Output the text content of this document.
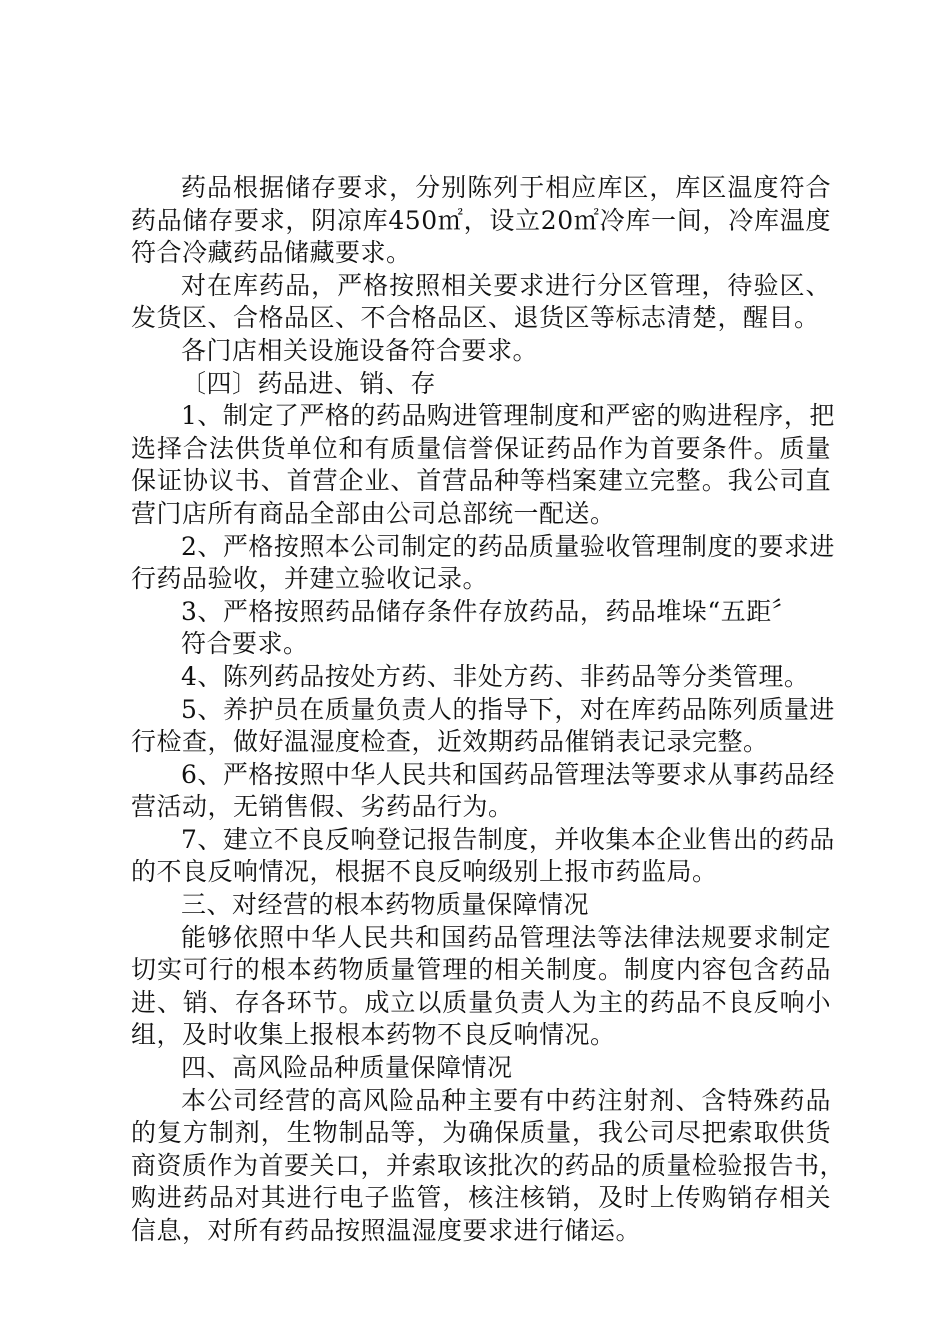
药品根据储存要求，分别陈列于相应库区，库区温度符合
药品储存要求，阴凉库450㎡，设立20㎡冷库一间，冷库温度
符合冷藏药品储藏要求。
对在库药品，严格按照相关要求进行分区管理，待验区、
发货区、合格品区、不合格品区、退货区等标志清楚，醒目。
各门店相关设施设备符合要求。
〔四〕药品进、销、存
1、制定了严格的药品购进管理制度和严密的购进程序，把
选择合法供货单位和有质量信誉保证药品作为首要条件。质量
保证协议书、首营企业、首营品种等档案建立完整。我公司直
营门店所有商品全部由公司总部统一配送。
2、严格按照本公司制定的药品质量验收管理制度的要求进
行药品验收，并建立验收记录。
3、严格按照药品储存条件存放药品，药品堆垛“五距〞
符合要求。
4、陈列药品按处方药、非处方药、非药品等分类管理。
5、养护员在质量负责人的指导下，对在库药品陈列质量进
行检查，做好温湿度检查，近效期药品催销表记录完整。
6、严格按照中华人民共和国药品管理法等要求从事药品经
营活动，无销售假、劣药品行为。
7、建立不良反响登记报告制度，并收集本企业售出的药品
的不良反响情况，根据不良反响级别上报市药监局。
三、对经营的根本药物质量保障情况
能够依照中华人民共和国药品管理法等法律法规要求制定
切实可行的根本药物质量管理的相关制度。制度内容包含药品
进、销、存各环节。成立以质量负责人为主的药品不良反响小
组，及时收集上报根本药物不良反响情况。
四、高风险品种质量保障情况
本公司经营的高风险品种主要有中药注射剂、含特殊药品
的复方制剂，生物制品等，为确保质量，我公司尽把索取供货
商资质作为首要关口，并索取该批次的药品的质量检验报告书，
购进药品对其进行电子监管，核注核销，及时上传购销存相关
信息，对所有药品按照温湿度要求进行储运。
